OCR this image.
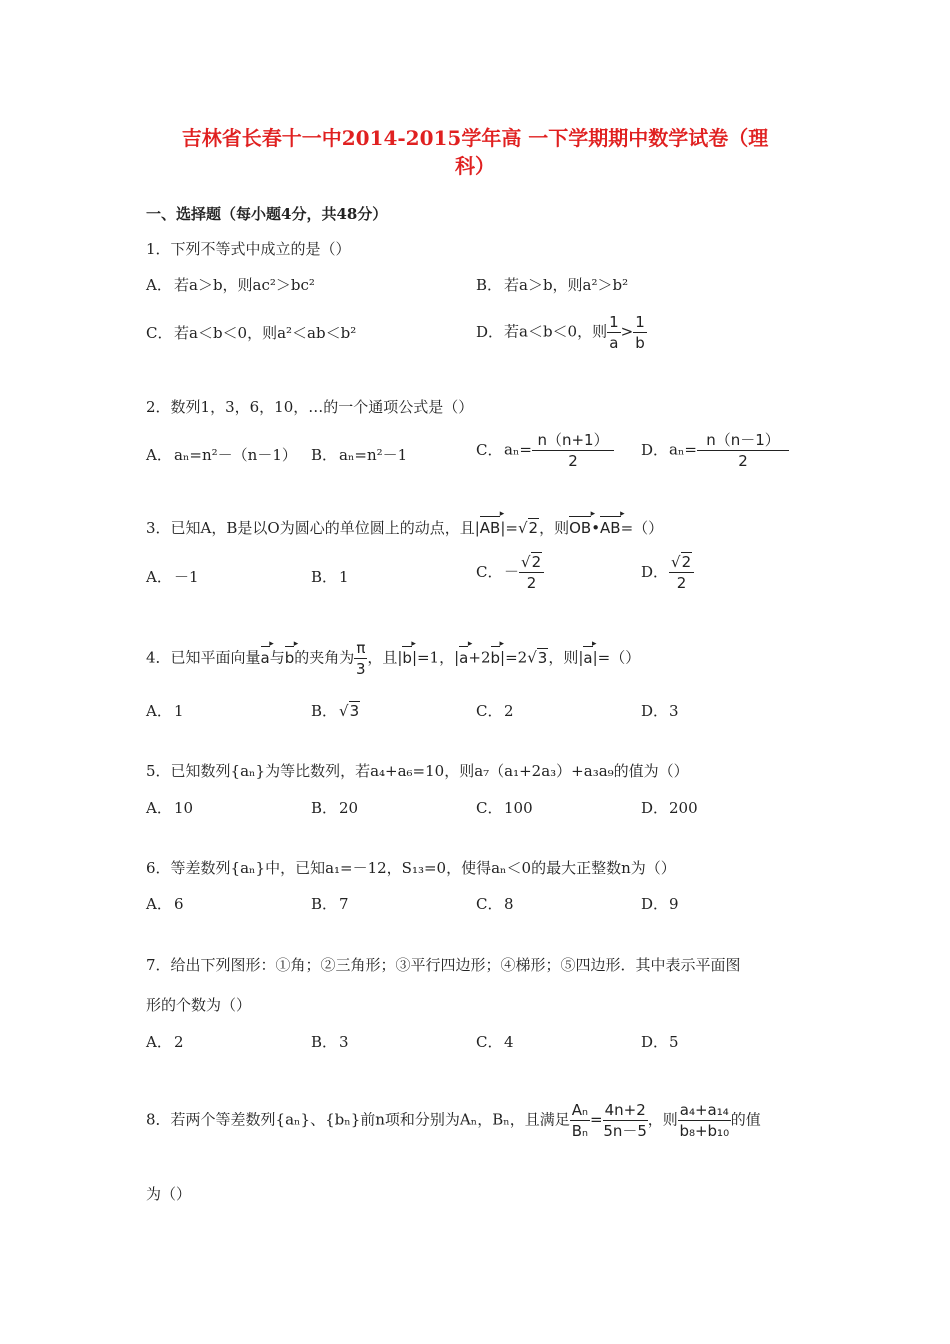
吉林省长春十一中2014-2015学年高 一下学期期中数学试卷（理
科）
一、选择题（每小题4分，共48分）
1．下列不等式中成立的是（）
A． 若a＞b，则ac²＞bc²	B． 若a＞b，则a²＞b²
C． 若a＜b＜0，则a²＜ab＜b²	D．若a＜b＜0，则 $\frac{1}{a} > \frac{1}{b}$
2．数列1，3，6，10，…的一个通项公式是（）
A． aₙ=n²－（n－1） B． aₙ=n²－1	C． $a_n= \frac{n(n+1)}{2}$ D．$a_n= \frac{n(n-1)}{2}$
3．已知A，B是以O为圆心的单位圆上的动点，且|AB ▸|=√2，则OB ▸•AB ▸=（）
A． －1	B． 1	C． － $\frac{√2}{2}$	D． $\frac{√2}{2}$
4．已知平面向量a ▸与b ▸的夹角为 $\frac{\pi}{3}$ ，且|b ▸|=1，|a ▸+2b ▸|=2√3，则|a ▸|=（）
A． 1	B． √3	C． 2	D．3
5．已知数列{aₙ}为等比数列，若a₄+a₆=10，则a₇（a₁+2a₃）+a₃a₉的值为（）
A． 10	B． 20	C． 100	D．200
6．等差数列{aₙ}中，已知a₁=－12，S₁₃=0，使得aₙ＜0的最大正整数n为（）
A． 6	B． 7	C． 8	D．9
7．给出下列图形：①角；②三角形；③平行四边形；④梯形；⑤四边形．其中表示平面图
形的个数为（）
A． 2	B． 3	C． 4	D．5
8．若两个等差数列{aₙ}、{bₙ}前n项和分别为Aₙ，Bₙ，且满足 $\frac{\text{Aₙ}}{\text{Bₙ}} = \frac{4n+2}{5n-5}$ ，则 $\frac{\text{a₄+a₁₄}}{\text{b₈+b₁₀}}$ 的值
为（）
